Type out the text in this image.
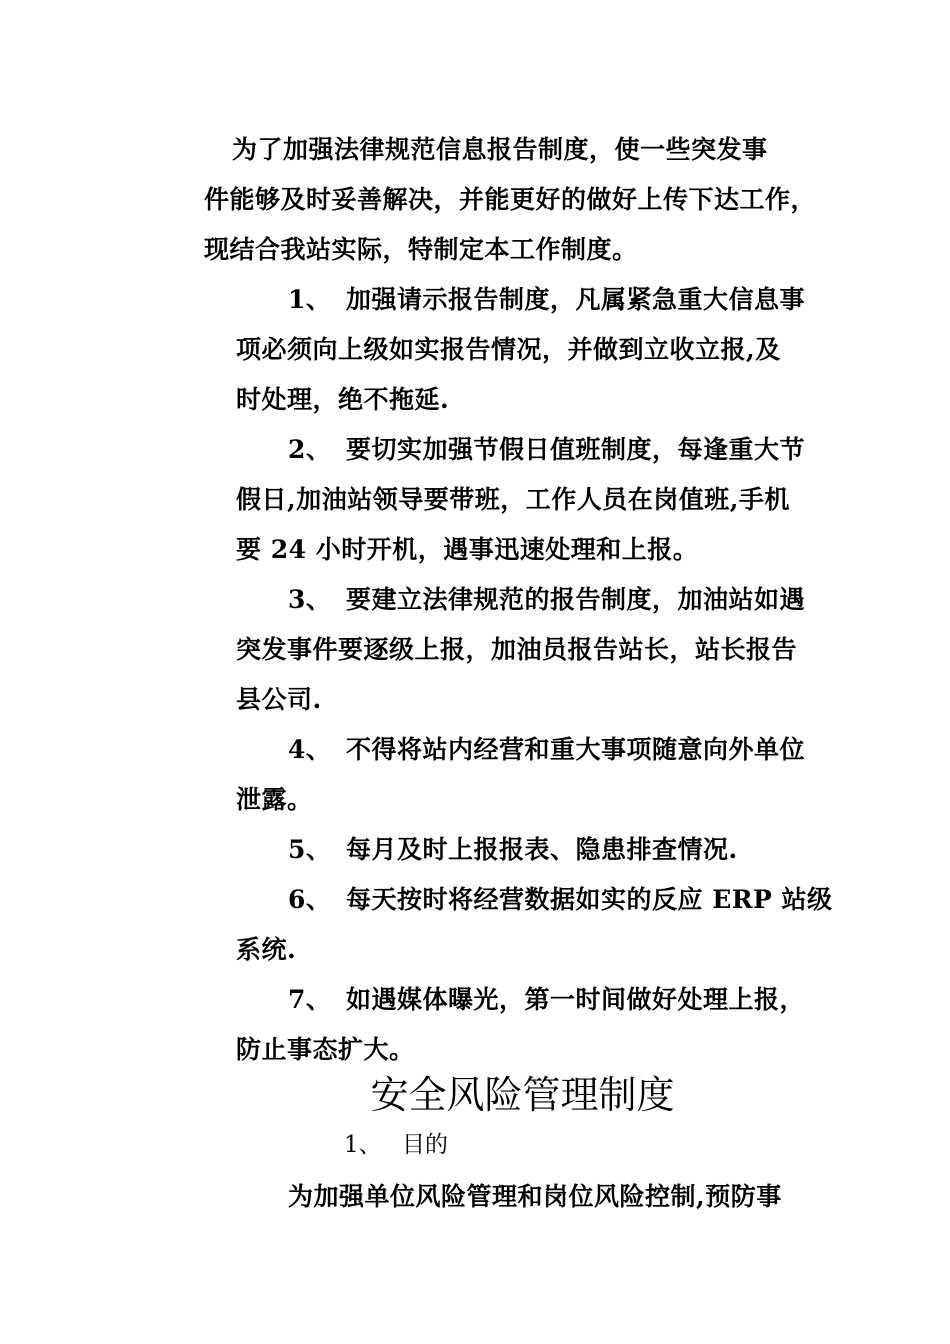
为了加强法律规范信息报告制度，使一些突发事
件能够及时妥善解决，并能更好的做好上传下达工作，
现结合我站实际，特制定本工作制度。
1、 加强请示报告制度，凡属紧急重大信息事
项必须向上级如实报告情况，并做到立收立报,及
时处理，绝不拖延.
2、 要切实加强节假日值班制度，每逢重大节
假日,加油站领导要带班，工作人员在岗值班,手机
要 24 小时开机，遇事迅速处理和上报。
3、 要建立法律规范的报告制度，加油站如遇
突发事件要逐级上报，加油员报告站长，站长报告
县公司.
4、 不得将站内经营和重大事项随意向外单位
泄露。
5、 每月及时上报报表、隐患排查情况.
6、 每天按时将经营数据如实的反应 ERP 站级
系统.
7、 如遇媒体曝光，第一时间做好处理上报，
防止事态扩大。
安全风险管理制度
1、 目的
为加强单位风险管理和岗位风险控制,预防事
